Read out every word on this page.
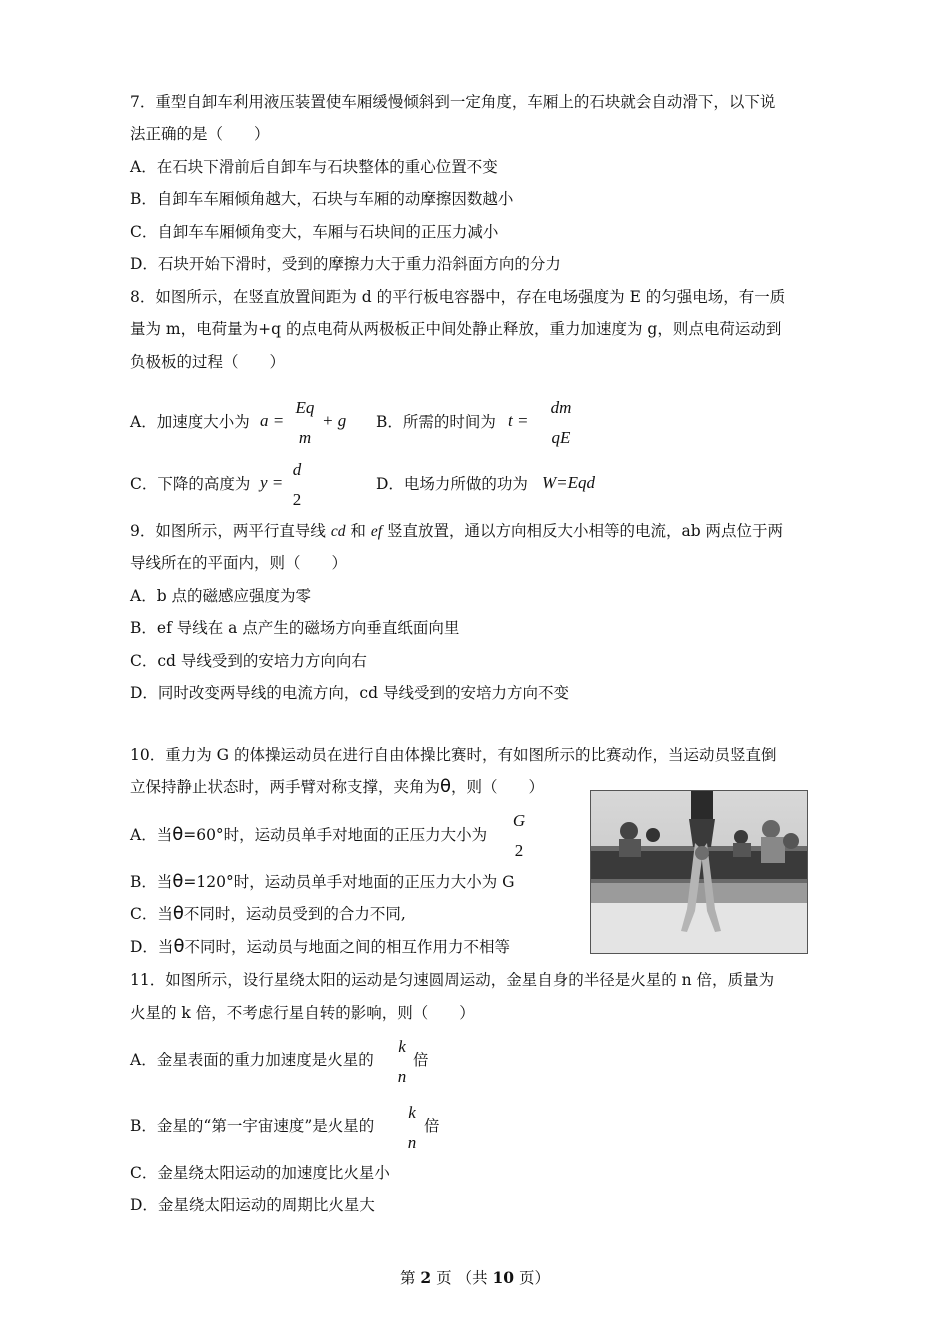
7．重型自卸车利用液压装置使车厢缓慢倾斜到一定角度，车厢上的石块就会自动滑下，以下说
法正确的是（　　）
A．在石块下滑前后自卸车与石块整体的重心位置不变
B．自卸车车厢倾角越大，石块与车厢的动摩擦因数越小
C．自卸车车厢倾角变大，车厢与石块间的正压力减小
D．石块开始下滑时，受到的摩擦力大于重力沿斜面方向的分力
8．如图所示，在竖直放置间距为 d 的平行板电容器中，存在电场强度为 E 的匀强电场，有一质
量为 m，电荷量为+q 的点电荷从两极板正中间处静止释放，重力加速度为 g，则点电荷运动到
负极板的过程（　　）
A．加速度大小为 a =
Eq
m
+ g B．所需的时间为 t =
dm
qE
C．下降的高度为 y =
d
2
D．电场力所做的功为 W=Eqd
9．如图所示，两平行直导线 cd 和 ef 竖直放置，通以方向相反大小相等的电流，ab 两点位于两
导线所在的平面内，则（　　）
A．b 点的磁感应强度为零
B．ef 导线在 a 点产生的磁场方向垂直纸面向里
C．cd 导线受到的安培力方向向右
D．同时改变两导线的电流方向，cd 导线受到的安培力方向不变
10．重力为 G 的体操运动员在进行自由体操比赛时，有如图所示的比赛动作，当运动员竖直倒
立保持静止状态时，两手臂对称支撑，夹角为θ，则（　　）
A．当θ=60°时，运动员单手对地面的正压力大小为
G
2
B．当θ=120°时，运动员单手对地面的正压力大小为 G
C．当θ不同时，运动员受到的合力不同,
D．当θ不同时，运动员与地面之间的相互作用力不相等
11．如图所示，设行星绕太阳的运动是匀速圆周运动，金星自身的半径是火星的 n 倍，质量为
火星的 k 倍，不考虑行星自转的影响，则（　　）
A．金星表面的重力加速度是火星的
k
n
倍
B．金星的“第一宇宙速度”是火星的
k
n
倍
C．金星绕太阳运动的加速度比火星小
D．金星绕太阳运动的周期比火星大
第 2 页 （共 10 页）
